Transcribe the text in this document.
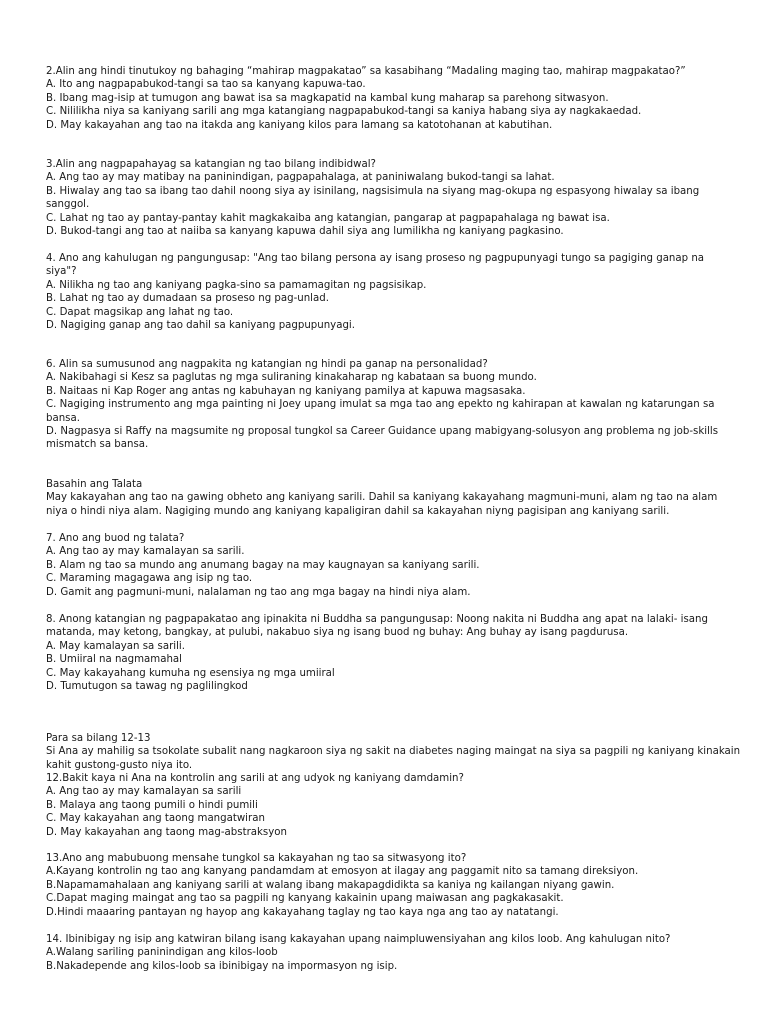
2.Alin ang hindi tinutukoy ng bahaging “mahirap magpakatao” sa kasabihang “Madaling maging tao, mahirap magpakatao?”
A. Ito ang nagpapabukod-tangi sa tao sa kanyang kapuwa-tao.
B. Ibang mag-isip at tumugon ang bawat isa sa magkapatid na kambal kung maharap sa parehong sitwasyon.
C. Nililikha niya sa kaniyang sarili ang mga katangiang nagpapabukod-tangi sa kaniya habang siya ay nagkakaedad.
D. May kakayahan ang tao na itakda ang kaniyang kilos para lamang sa katotohanan at kabutihan.
3.Alin ang nagpapahayag sa katangian ng tao bilang indibidwal?
A. Ang tao ay may matibay na paninindigan, pagpapahalaga, at paniniwalang bukod-tangi sa lahat.
B. Hiwalay ang tao sa ibang tao dahil noong siya ay isinilang, nagsisimula na siyang mag-okupa ng espasyong hiwalay sa ibang
sanggol.
C. Lahat ng tao ay pantay-pantay kahit magkakaiba ang katangian, pangarap at pagpapahalaga ng bawat isa.
D. Bukod-tangi ang tao at naiiba sa kanyang kapuwa dahil siya ang lumilikha ng kaniyang pagkasino.
4. Ano ang kahulugan ng pangungusap: "Ang tao bilang persona ay isang proseso ng pagpupunyagi tungo sa pagiging ganap na
siya"?
A. Nilikha ng tao ang kaniyang pagka-sino sa pamamagitan ng pagsisikap.
B. Lahat ng tao ay dumadaan sa proseso ng pag-unlad.
C. Dapat magsikap ang lahat ng tao.
D. Nagiging ganap ang tao dahil sa kaniyang pagpupunyagi.
6. Alin sa sumusunod ang nagpakita ng katangian ng hindi pa ganap na personalidad?
A. Nakibahagi si Kesz sa paglutas ng mga suliraning kinakaharap ng kabataan sa buong mundo.
B. Naitaas ni Kap Roger ang antas ng kabuhayan ng kaniyang pamilya at kapuwa magsasaka.
C. Nagiging instrumento ang mga painting ni Joey upang imulat sa mga tao ang epekto ng kahirapan at kawalan ng katarungan sa
bansa.
D. Nagpasya si Raffy na magsumite ng proposal tungkol sa Career Guidance upang mabigyang-solusyon ang problema ng job-skills
mismatch sa bansa.
Basahin ang Talata
May kakayahan ang tao na gawing obheto ang kaniyang sarili. Dahil sa kaniyang kakayahang magmuni-muni, alam ng tao na alam
niya o hindi niya alam. Nagiging mundo ang kaniyang kapaligiran dahil sa kakayahan niyng pagisipan ang kaniyang sarili.
7. Ano ang buod ng talata?
A. Ang tao ay may kamalayan sa sarili.
B. Alam ng tao sa mundo ang anumang bagay na may kaugnayan sa kaniyang sarili.
C. Maraming magagawa ang isip ng tao.
D. Gamit ang pagmuni-muni, nalalaman ng tao ang mga bagay na hindi niya alam.
8. Anong katangian ng pagpapakatao ang ipinakita ni Buddha sa pangungusap: Noong nakita ni Buddha ang apat na lalaki- isang
matanda, may ketong, bangkay, at pulubi, nakabuo siya ng isang buod ng buhay: Ang buhay ay isang pagdurusa.
A. May kamalayan sa sarili.
B. Umiiral na nagmamahal
C. May kakayahang kumuha ng esensiya ng mga umiiral
D. Tumutugon sa tawag ng paglilingkod
Para sa bilang 12-13
Si Ana ay mahilig sa tsokolate subalit nang nagkaroon siya ng sakit na diabetes naging maingat na siya sa pagpili ng kaniyang kinakain
kahit gustong-gusto niya ito.
12.Bakit kaya ni Ana na kontrolin ang sarili at ang udyok ng kaniyang damdamin?
A. Ang tao ay may kamalayan sa sarili
B. Malaya ang taong pumili o hindi pumili
C. May kakayahan ang taong mangatwiran
D. May kakayahan ang taong mag-abstraksyon
13.Ano ang mabubuong mensahe tungkol sa kakayahan ng tao sa sitwasyong ito?
A.Kayang kontrolin ng tao ang kanyang pandamdam at emosyon at ilagay ang paggamit nito sa tamang direksiyon.
B.Napamamahalaan ang kaniyang sarili at walang ibang makapagdidikta sa kaniya ng kailangan niyang gawin.
C.Dapat maging maingat ang tao sa pagpili ng kanyang kakainin upang maiwasan ang pagkakasakit.
D.Hindi maaaring pantayan ng hayop ang kakayahang taglay ng tao kaya nga ang tao ay natatangi.
14. Ibinibigay ng isip ang katwiran bilang isang kakayahan upang naimpluwensiyahan ang kilos loob. Ang kahulugan nito?
A.Walang sariling paninindigan ang kilos-loob
B.Nakadepende ang kilos-loob sa ibinibigay na impormasyon ng isip.
